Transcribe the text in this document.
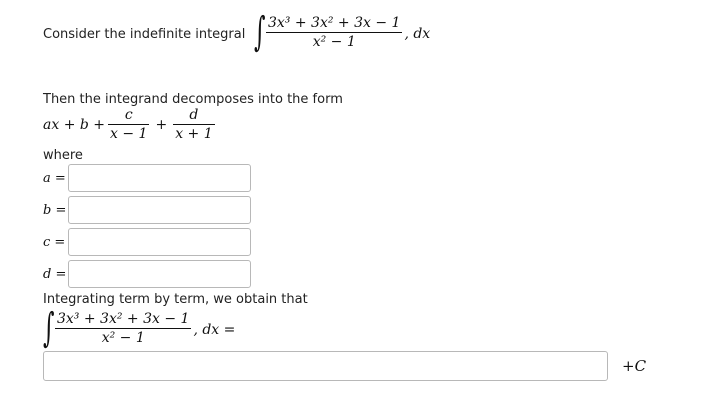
Consider the indefinite integral ∫ $\frac{\text{3x³ + 3x² + 3x − 1}}{\text{x² − 1}}$ , dx
Then the integrand decomposes into the form
ax + $b + \frac{c}{x - 1} + \frac{d}{x + 1}$
where
a =
b =
c =
d =
Integrating term by term, we obtain that
∫ $\frac{\text{3x³ + 3x² + 3x − 1}}{\text{x² − 1}}$ , dx =
+C
